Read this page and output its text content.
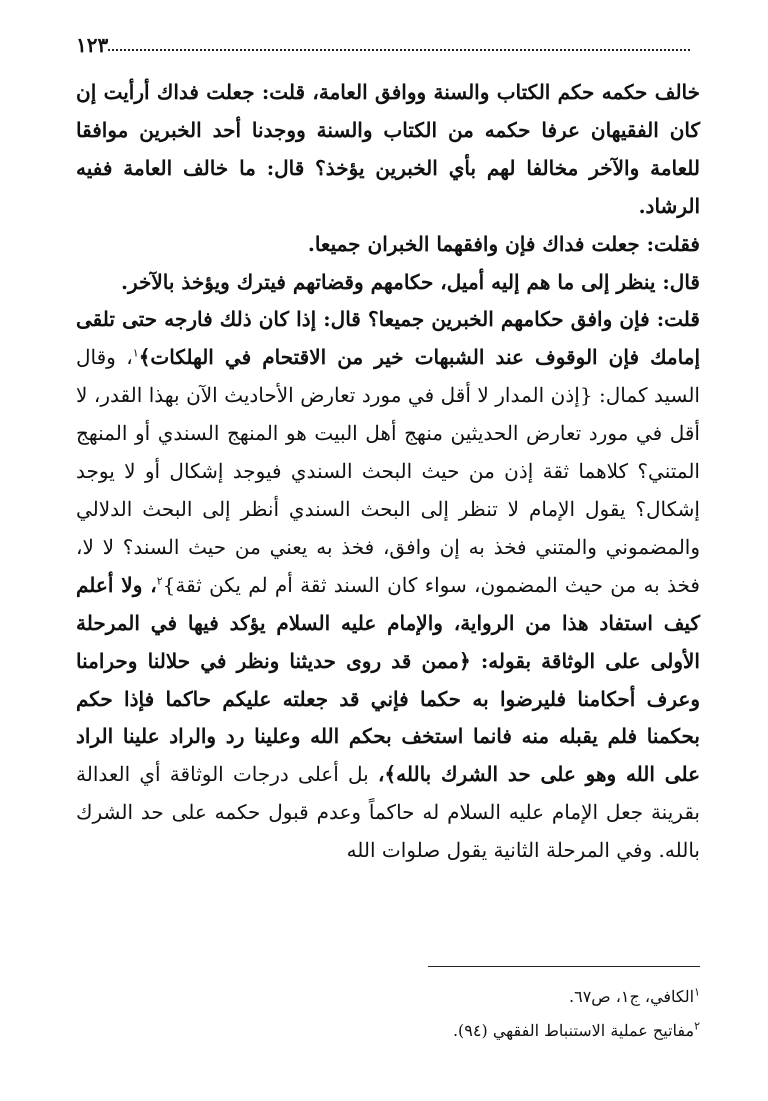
١٢٣

خالف حكمه حكم الكتاب والسنة ووافق العامة، قلت: جعلت فداك أرأيت إن كان الفقيهان عرفا حكمه من الكتاب والسنة ووجدنا أحد الخبرين موافقا للعامة والآخر مخالفا لهم بأي الخبرين يؤخذ؟ قال: ما خالف العامة ففيه الرشاد.

فقلت: جعلت فداك فإن وافقهما الخبران جميعا.

قال: ينظر إلى ما هم إليه أميل، حكامهم وقضاتهم فيترك ويؤخذ بالآخر.

قلت: فإن وافق حكامهم الخبرين جميعا؟ قال: إذا كان ذلك فارجه حتى تلقى إمامك فإن الوقوف عند الشبهات خير من الاقتحام في الهلكات﴾$^١$، وقال السيد كمال: {إذن المدار لا أقل في مورد تعارض الأحاديث الآن بهذا القدر، لا أقل في مورد تعارض الحديثين منهج أهل البيت هو المنهج السندي أو المنهج المتني؟ كلاهما ثقة إذن من حيث البحث السندي فيوجد إشكال أو لا يوجد إشكال؟ يقول الإمام لا تنظر إلى البحث السندي أنظر إلى البحث الدلالي والمضموني والمتني فخذ به إن وافق، فخذ به يعني من حيث السند؟ لا لا، فخذ به من حيث المضمون، سواء كان السند ثقة أم لم يكن ثقة}$^٢$، ولا أعلم كيف استفاد هذا من الرواية، والإمام عليه السلام يؤكد فيها في المرحلة الأولى على الوثاقة بقوله: ﴿ممن قد روى حديثنا ونظر في حلالنا وحرامنا وعرف أحكامنا فليرضوا به حكما فإني قد جعلته عليكم حاكما فإذا حكم بحكمنا فلم يقبله منه فانما استخف بحكم الله وعلينا رد والراد علينا الراد على الله وهو على حد الشرك بالله﴾، بل أعلى درجات الوثاقة أي العدالة بقرينة جعل الإمام عليه السلام له حاكماً وعدم قبول حكمه على حد الشرك بالله. وفي المرحلة الثانية يقول صلوات الله

$^١$الكافي، ج١، ص٦٧.

$^٢$مفاتيح عملية الاستنباط الفقهي (٩٤).
